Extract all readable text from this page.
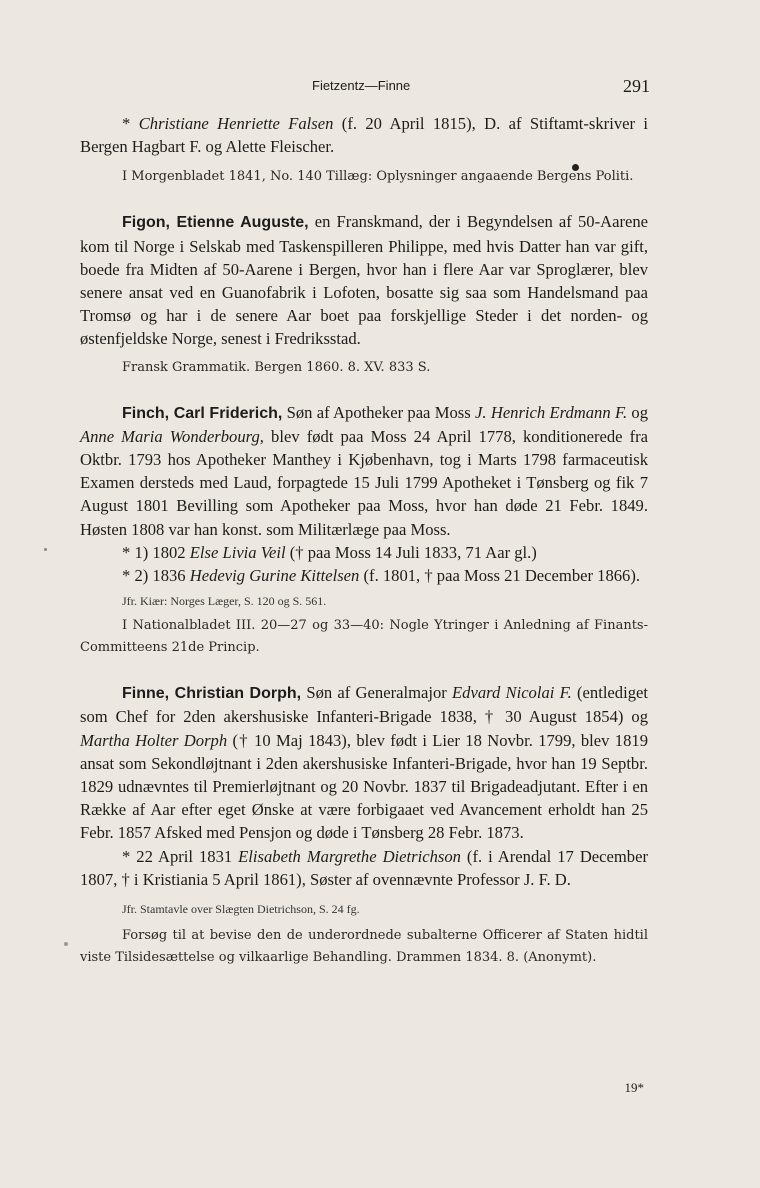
Fietzentz—Finne	291

* Christiane Henriette Falsen (f. 20 April 1815), D. af Stiftamt-skriver i Bergen Hagbart F. og Alette Fleischer.

I Morgenbladet 1841, No. 140 Tillæg: Oplysninger angaaende Bergens Politi.

Figon, Etienne Auguste, en Franskmand, der i Begyndelsen af 50-Aarene kom til Norge i Selskab med Taskenspilleren Philippe, med hvis Datter han var gift, boede fra Midten af 50-Aarene i Bergen, hvor han i flere Aar var Sproglærer, blev senere ansat ved en Guanofabrik i Lofoten, bosatte sig saa som Handelsmand paa Tromsø og har i de senere Aar boet paa forskjellige Steder i det norden- og østenfjeldske Norge, senest i Fredriksstad.

Fransk Grammatik. Bergen 1860. 8. XV. 833 S.

Finch, Carl Friderich, Søn af Apotheker paa Moss J. Henrich Erdmann F. og Anne Maria Wonderbourg, blev født paa Moss 24 April 1778, konditionerede fra Oktbr. 1793 hos Apotheker Manthey i Kjøbenhavn, tog i Marts 1798 farmaceutisk Examen dersteds med Laud, forpagtede 15 Juli 1799 Apotheket i Tønsberg og fik 7 August 1801 Bevilling som Apotheker paa Moss, hvor han døde 21 Febr. 1849. Høsten 1808 var han konst. som Militærlæge paa Moss.

* 1) 1802 Else Livia Veil († paa Moss 14 Juli 1833, 71 Aar gl.)

* 2) 1836 Hedevig Gurine Kittelsen (f. 1801, † paa Moss 21 December 1866).

Jfr. Kiær: Norges Læger, S. 120 og S. 561.

I Nationalbladet III. 20—27 og 33—40: Nogle Ytringer i Anledning af Finants-Committeens 21de Princip.

Finne, Christian Dorph, Søn af Generalmajor Edvard Nicolai F. (entlediget som Chef for 2den akershusiske Infanteri-Brigade 1838, † 30 August 1854) og Martha Holter Dorph († 10 Maj 1843), blev født i Lier 18 Novbr. 1799, blev 1819 ansat som Sekondløjtnant i 2den akershusiske Infanteri-Brigade, hvor han 19 Septbr. 1829 udnævntes til Premierløjtnant og 20 Novbr. 1837 til Brigadeadjutant. Efter i en Række af Aar efter eget Ønske at være forbigaaet ved Avancement erholdt han 25 Febr. 1857 Afsked med Pensjon og døde i Tønsberg 28 Febr. 1873.

* 22 April 1831 Elisabeth Margrethe Dietrichson (f. i Arendal 17 December 1807, † i Kristiania 5 April 1861), Søster af ovennævnte Professor J. F. D.

Jfr. Stamtavle over Slægten Dietrichson, S. 24 fg.

Forsøg til at bevise den de underordnede subalterne Officerer af Staten hidtil viste Tilsidesættelse og vilkaarlige Behandling. Drammen 1834. 8. (Anonymt).

19*
